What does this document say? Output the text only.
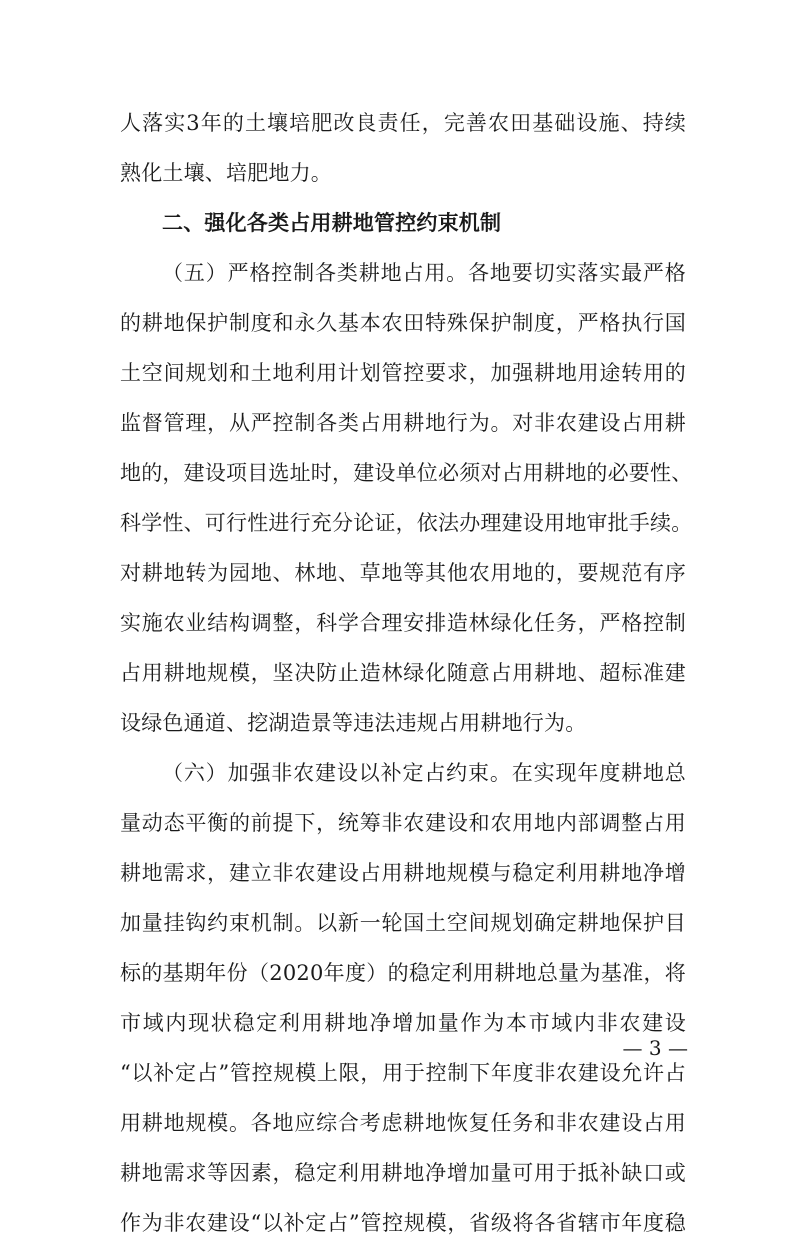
人落实3年的土壤培肥改良责任，完善农田基础设施、持续
熟化土壤、培肥地力。
二、强化各类占用耕地管控约束机制
（五）严格控制各类耕地占用。各地要切实落实最严格
的耕地保护制度和永久基本农田特殊保护制度，严格执行国
土空间规划和土地利用计划管控要求，加强耕地用途转用的
监督管理，从严控制各类占用耕地行为。对非农建设占用耕
地的，建设项目选址时，建设单位必须对占用耕地的必要性、
科学性、可行性进行充分论证，依法办理建设用地审批手续。
对耕地转为园地、林地、草地等其他农用地的，要规范有序
实施农业结构调整，科学合理安排造林绿化任务，严格控制
占用耕地规模，坚决防止造林绿化随意占用耕地、超标准建
设绿色通道、挖湖造景等违法违规占用耕地行为。
（六）加强非农建设以补定占约束。在实现年度耕地总
量动态平衡的前提下，统筹非农建设和农用地内部调整占用
耕地需求，建立非农建设占用耕地规模与稳定利用耕地净增
加量挂钩约束机制。以新一轮国土空间规划确定耕地保护目
标的基期年份（2020年度）的稳定利用耕地总量为基准，将
市域内现状稳定利用耕地净增加量作为本市域内非农建设
“以补定占”管控规模上限，用于控制下年度非农建设允许占
用耕地规模。各地应综合考虑耕地恢复任务和非农建设占用
耕地需求等因素，稳定利用耕地净增加量可用于抵补缺口或
作为非农建设“以补定占”管控规模，省级将各省辖市年度稳
— 3 —
